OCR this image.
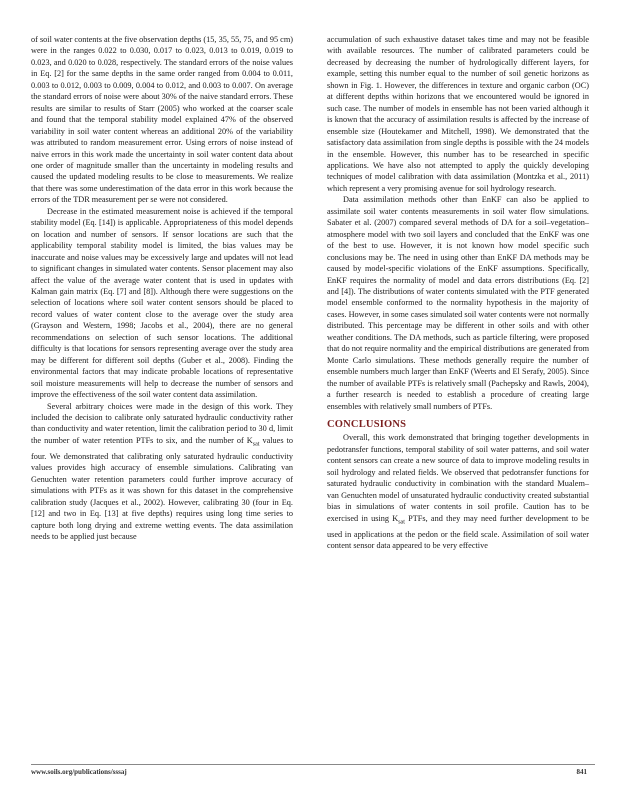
of soil water contents at the five observation depths (15, 35, 55, 75, and 95 cm) were in the ranges 0.022 to 0.030, 0.017 to 0.023, 0.013 to 0.019, 0.019 to 0.023, and 0.020 to 0.028, respectively. The standard errors of the noise values in Eq. [2] for the same depths in the same order ranged from 0.004 to 0.011, 0.003 to 0.012, 0.003 to 0.009, 0.004 to 0.012, and 0.003 to 0.007. On average the standard errors of noise were about 30% of the naive standard errors. These results are similar to results of Starr (2005) who worked at the coarser scale and found that the temporal stability model explained 47% of the observed variability in soil water content whereas an additional 20% of the variability was attributed to random measurement error. Using errors of noise instead of naive errors in this work made the uncertainty in soil water content data about one order of magnitude smaller than the uncertainty in modeling results and caused the updated modeling results to be close to measurements. We realize that there was some underestimation of the data error in this work because the errors of the TDR measurement per se were not considered.

Decrease in the estimated measurement noise is achieved if the temporal stability model (Eq. [14]) is applicable. Appropriateness of this model depends on location and number of sensors. If sensor locations are such that the applicability temporal stability model is limited, the bias values may be inaccurate and noise values may be excessively large and updates will not lead to significant changes in simulated water contents. Sensor placement may also affect the value of the average water content that is used in updates with Kalman gain matrix (Eq. [7] and [8]). Although there were suggestions on the selection of locations where soil water content sensors should be placed to record values of water content close to the average over the study area (Grayson and Western, 1998; Jacobs et al., 2004), there are no general recommendations on selection of such sensor locations. The additional difficulty is that locations for sensors representing average over the study area may be different for different soil depths (Guber et al., 2008). Finding the environmental factors that may indicate probable locations of representative soil moisture measurements will help to decrease the number of sensors and improve the effectiveness of the soil water content data assimilation.

Several arbitrary choices were made in the design of this work. They included the decision to calibrate only saturated hydraulic conductivity rather than conductivity and water retention, limit the calibration period to 30 d, limit the number of water retention PTFs to six, and the number of $K_{sat}$ values to four. We demonstrated that calibrating only saturated hydraulic conductivity values provides high accuracy of ensemble simulations. Calibrating van Genuchten water retention parameters could further improve accuracy of simulations with PTFs as it was shown for this dataset in the comprehensive calibration study (Jacques et al., 2002). However, calibrating 30 (four in Eq. [12] and two in Eq. [13] at five depths) requires using long time series to capture both long drying and extreme wetting events. The data assimilation needs to be applied just because

accumulation of such exhaustive dataset takes time and may not be feasible with available resources. The number of calibrated parameters could be decreased by decreasing the number of hydrologically different layers, for example, setting this number equal to the number of soil genetic horizons as shown in Fig. 1. However, the differences in texture and organic carbon (OC) at different depths within horizons that we encountered would be ignored in such case. The number of models in ensemble has not been varied although it is known that the accuracy of assimilation results is affected by the increase of ensemble size (Houtekamer and Mitchell, 1998). We demonstrated that the satisfactory data assimilation from single depths is possible with the 24 models in the ensemble. However, this number has to be researched in specific applications. We have also not attempted to apply the quickly developing techniques of model calibration with data assimilation (Montzka et al., 2011) which represent a very promising avenue for soil hydrology research.

Data assimilation methods other than EnKF can also be applied to assimilate soil water contents measurements in soil water flow simulations. Sabater et al. (2007) compared several methods of DA for a soil–vegetation–atmosphere model with two soil layers and concluded that the EnKF was one of the best to use. However, it is not known how model specific such conclusions may be. The need in using other than EnKF DA methods may be caused by model-specific violations of the EnKF assumptions. Specifically, EnKF requires the normality of model and data errors distributions (Eq. [2] and [4]). The distributions of water contents simulated with the PTF generated model ensemble conformed to the normality hypothesis in the majority of cases. However, in some cases simulated soil water contents were not normally distributed. This percentage may be different in other soils and with other weather conditions. The DA methods, such as particle filtering, were proposed that do not require normality and the empirical distributions are generated from Monte Carlo simulations. These methods generally require the number of ensemble numbers much larger than EnKF (Weerts and El Serafy, 2005). Since the number of available PTFs is relatively small (Pachepsky and Rawls, 2004), a further research is needed to establish a procedure of creating large ensembles with relatively small numbers of PTFs.

CONCLUSIONS

Overall, this work demonstrated that bringing together developments in pedotransfer functions, temporal stability of soil water patterns, and soil water content sensors can create a new source of data to improve modeling results in soil hydrology and related fields. We observed that pedotransfer functions for saturated hydraulic conductivity in combination with the standard Mualem–van Genuchten model of unsaturated hydraulic conductivity created substantial bias in simulations of water contents in soil profile. Caution has to be exercised in using $K_{sat}$ PTFs, and they may need further development to be used in applications at the pedon or the field scale. Assimilation of soil water content sensor data appeared to be very effective

www.soils.org/publications/sssaj	841
